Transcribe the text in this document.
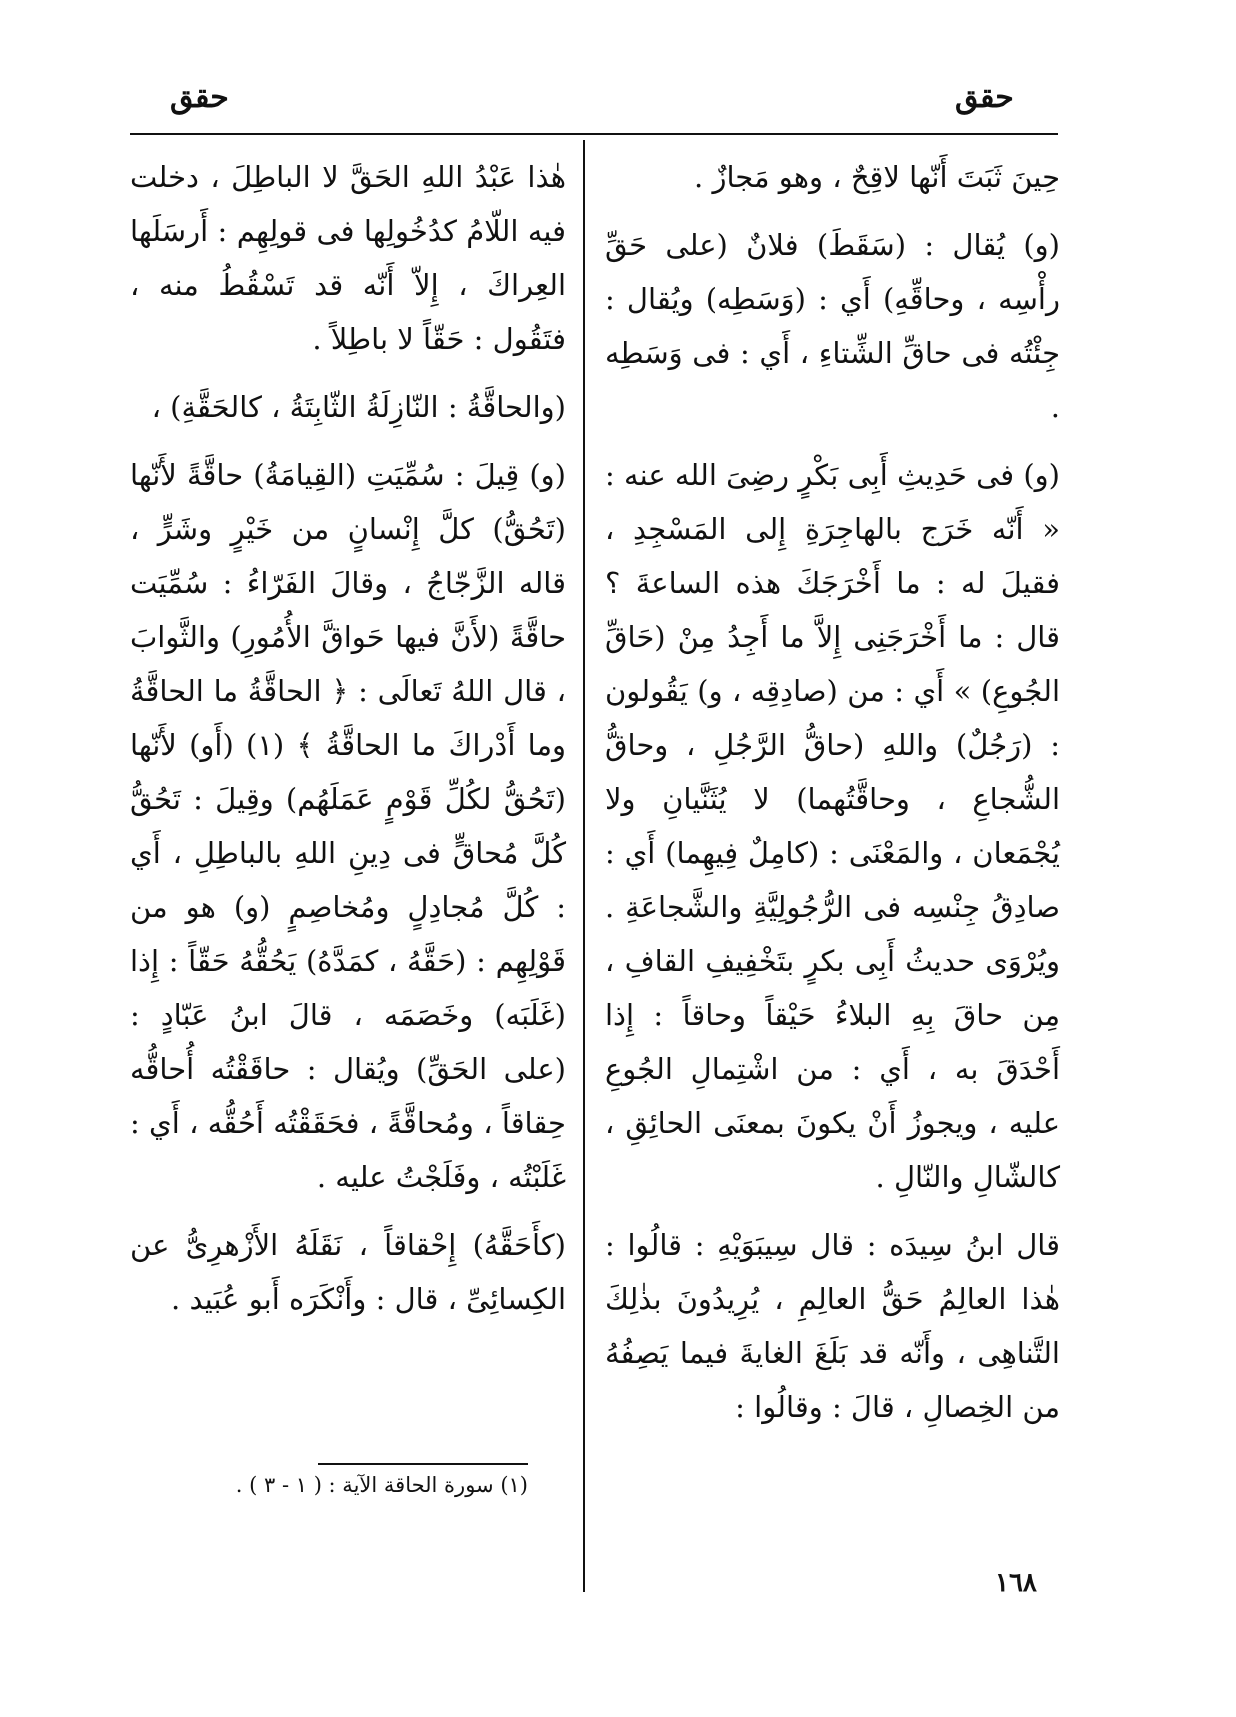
حقق
حقق

حِينَ ثَبَتَ أَنّها لاقِحٌ ، وهو مَجازٌ .

(و) يُقال : (سَقَطَ) فلانٌ (على حَقِّ رأْسِه ، وحاقِّهِ) أَي : (وَسَطِه) ويُقال : جِئْتُه فى حاقِّ الشِّتاءِ ، أَي : فى وَسَطِه .

(و) فى حَدِيثِ أَبِى بَكْرٍ رضِىَ الله عنه : « أَنّه خَرَج بالهاجِرَةِ إِلى المَسْجِدِ ، فقيلَ له : ما أَخْرَجَكَ هذه الساعةَ ؟ قال : ما أَخْرَجَنِى إِلاَّ ما أَجِدُ مِنْ (حَاقِّ الجُوعِ) » أَي : من (صادِقِه ، و) يَقُولون : (رَجُلٌ) واللهِ (حاقُّ الرَّجُلِ ، وحاقُّ الشُّجاعِ ، وحاقَّتُهما) لا يُثَنَّيانِ ولا يُجْمَعان ، والمَعْنَى : (كامِلٌ فِيهِما) أَي : صادِقُ جِنْسِه فى الرُّجُولِيَّةِ والشَّجاعَةِ . ويُرْوَى حديثُ أَبِى بكرٍ بتَخْفِيفِ القافِ ، مِن حاقَ بِهِ البلاءُ حَيْقاً وحاقاً : إِذا أَحْدَقَ به ، أَي : من اشْتِمالِ الجُوعِ عليه ، ويجوزُ أَنْ يكونَ بمعنَى الحائِقِ ، كالشّالِ والنّالِ .

قال ابنُ سِيدَه : قال سِيبَوَيْهِ : قالُوا : هٰذا العالِمُ حَقُّ العالِمِ ، يُرِيدُونَ بذٰلِكَ التَّناهِى ، وأَنّه قد بَلَغَ الغايةَ فيما يَصِفُهُ من الخِصالِ ، قالَ : وقالُوا :

هٰذا عَبْدُ اللهِ الحَقَّ لا الباطِلَ ، دخلت فيه اللّامُ كدُخُولِها فى قولِهِم : أَرسَلَها العِراكَ ، إِلاّ أَنّه قد تَسْقُطُ منه ، فتَقُول : حَقّاً لا باطِلاً .

(والحاقَّةُ : النّازِلَةُ الثّابِتَةُ ، كالحَقَّةِ) ،

(و) قِيلَ : سُمِّيَتِ (القِيامَةُ) حاقَّةً لأَنّها (تَحُقُّ) كلَّ إِنْسانٍ من خَيْرٍ وشَرٍّ ، قاله الزَّجّاجُ ، وقالَ الفَرّاءُ : سُمِّيَت حاقَّةً (لأَنَّ فيها حَواقَّ الأُمُورِ) والثَّوابَ ، قال اللهُ تَعالَى : ﴿ الحاقَّةُ ما الحاقَّةُ وما أَدْراكَ ما الحاقَّةُ ﴾ (١) (أَو) لأَنّها (تَحُقُّ لكُلِّ قَوْمٍ عَمَلَهُم) وقِيلَ : تَحُقُّ كُلَّ مُحاقٍّ فى دِينِ اللهِ بالباطِلِ ، أَي : كُلَّ مُجادِلٍ ومُخاصِمٍ (و) هو من قَوْلِهِم : (حَقَّهُ ، كمَدَّهُ) يَحُقُّهُ حَقّاً : إِذا (غَلَبَه) وخَصَمَه ، قالَ ابنُ عَبّادٍ : (على الحَقِّ) ويُقال : حاقَقْتُه أُحاقُّه حِقاقاً ، ومُحاقَّةً ، فحَقَقْتُه أَحُقُّه ، أَي : غَلَبْتُه ، وفَلَجْتُ عليه .

(كأَحَقَّهُ) إِحْقاقاً ، نَقَلَهُ الأَزْهرِىُّ عن الكِسائِىِّ ، قال : وأَنْكَرَه أَبو عُبَيد .

(١) سورة الحاقة الآية : ( ١ - ٣ ) .
١٦٨
